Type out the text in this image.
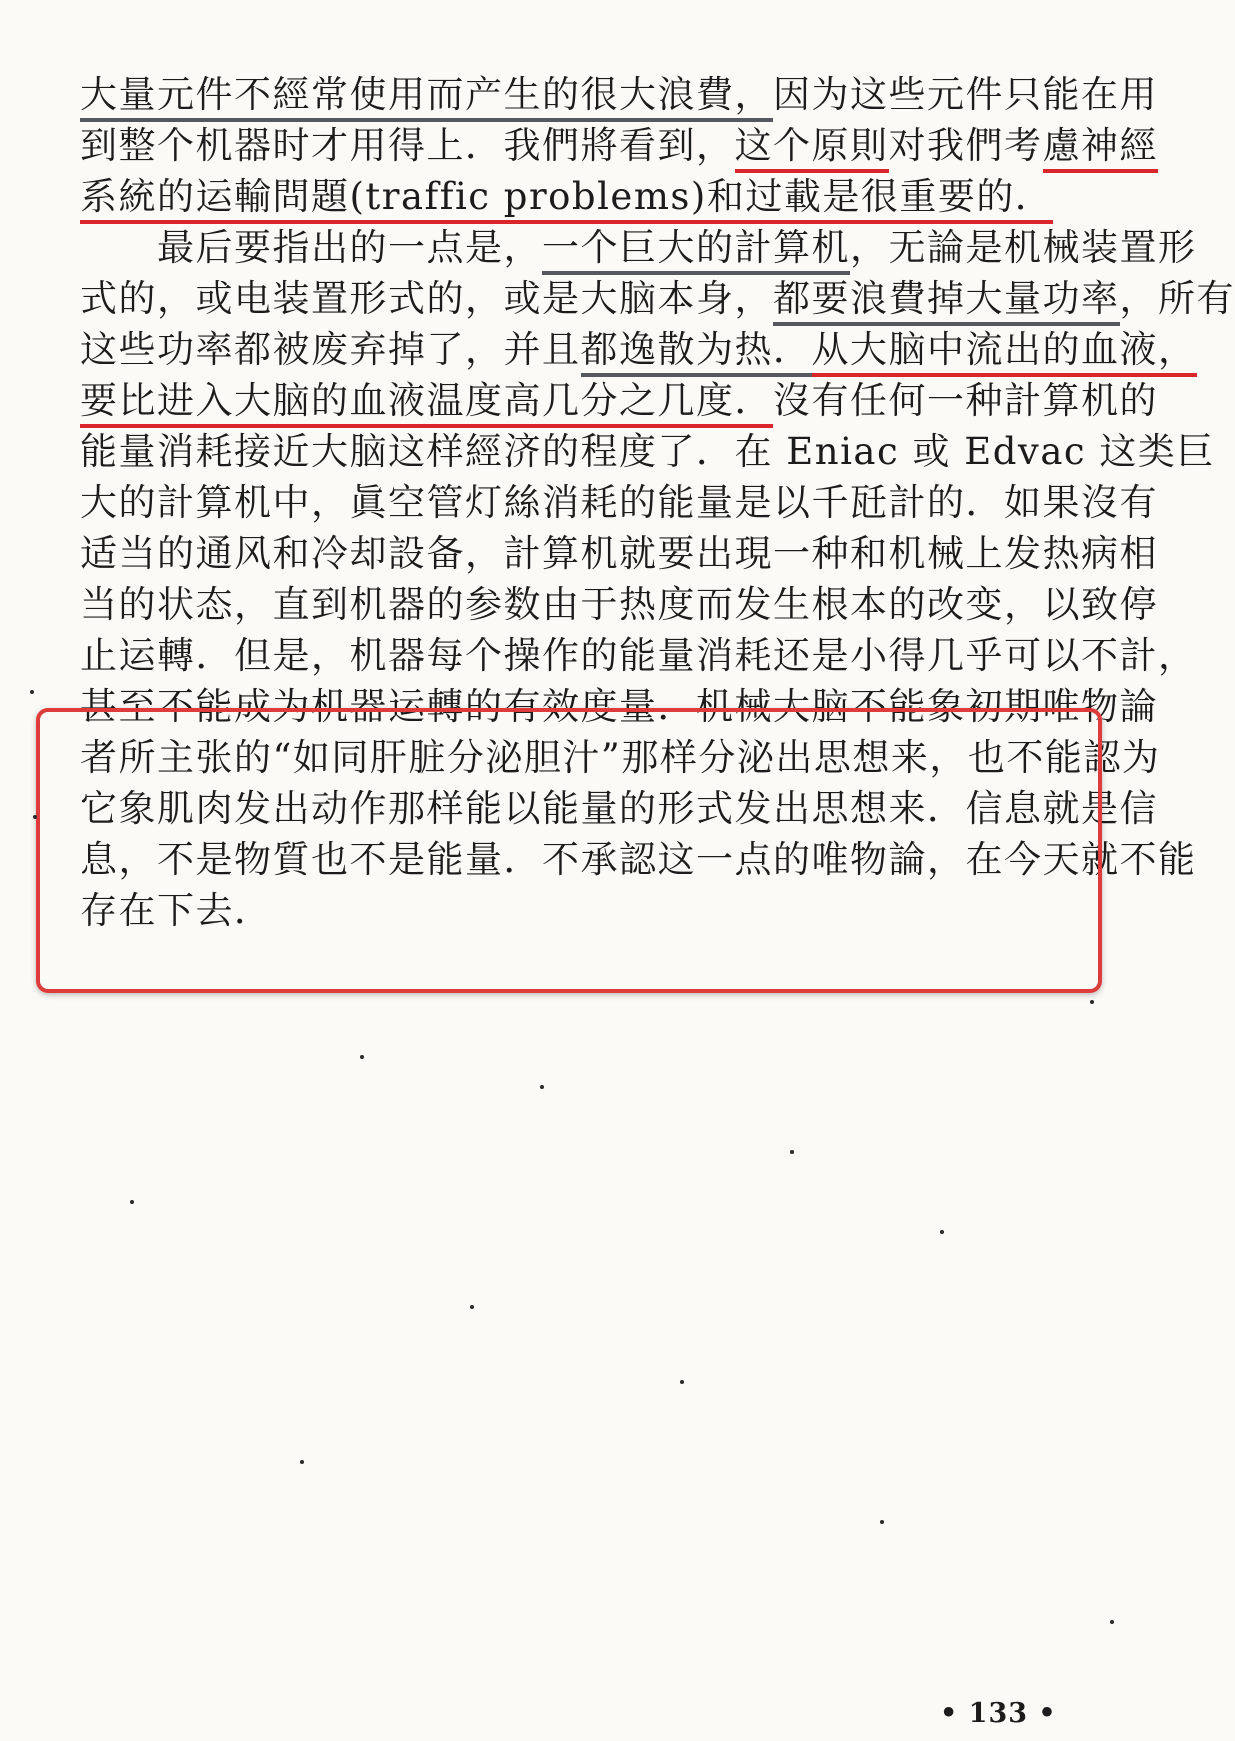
大量元件不經常使用而产生的很大浪費，因为这些元件只能在用
到整个机器时才用得上．我們將看到，这个原則对我們考慮神經
系統的运輸問題(traffic problems)和过載是很重要的．
　　最后要指出的一点是，一个巨大的計算机，无論是机械装置形
式的，或电装置形式的，或是大脑本身，都要浪費掉大量功率，所有
这些功率都被废弃掉了，并且都逸散为热．从大脑中流出的血液，
要比进入大脑的血液温度高几分之几度．沒有任何一种計算机的
能量消耗接近大脑这样經济的程度了．在 Eniac 或 Edvac 这类巨
大的計算机中，眞空管灯絲消耗的能量是以千瓩計的．如果沒有
适当的通风和冷却設备，計算机就要出現一种和机械上发热病相
当的状态，直到机器的参数由于热度而发生根本的改变，以致停
止运轉．但是，机器每个操作的能量消耗还是小得几乎可以不計，
甚至不能成为机器运轉的有效度量．机械大脑不能象初期唯物論
者所主张的“如同肝脏分泌胆汁”那样分泌出思想来，也不能認为
它象肌肉发出动作那样能以能量的形式发出思想来．信息就是信
息，不是物質也不是能量．不承認这一点的唯物論，在今天就不能
存在下去．
• 133 •
